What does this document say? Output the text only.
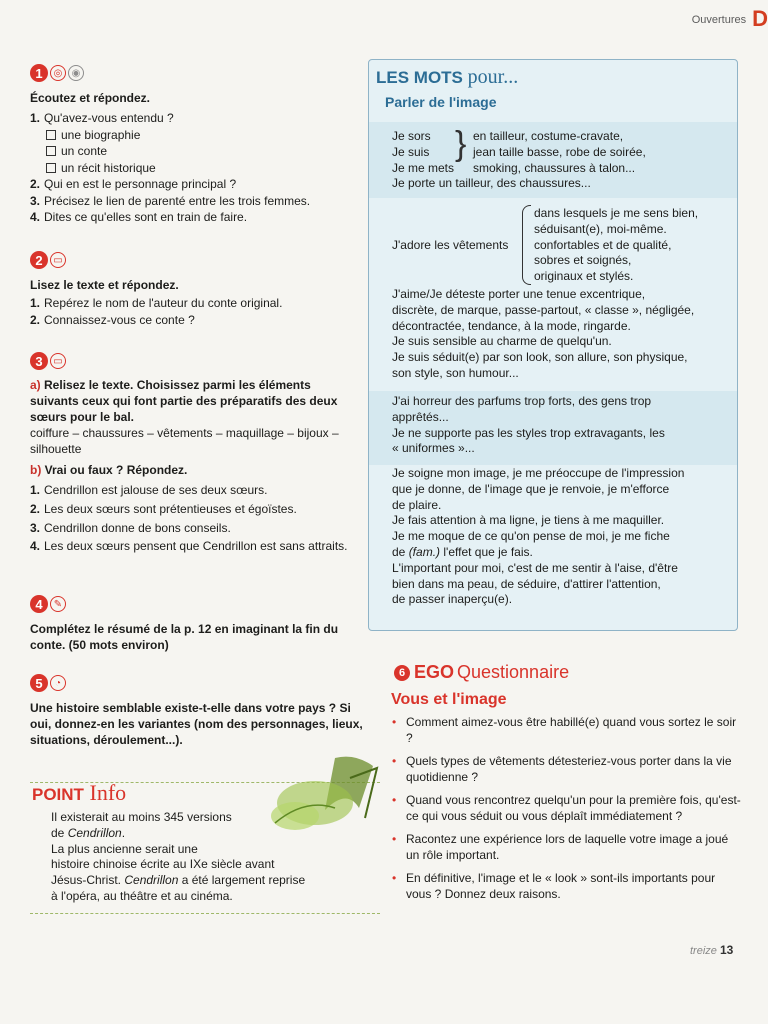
Ouvertures D
1	◎ ◉
Écoutez et répondez.
1. Qu'avez-vous entendu ?
une biographie
un conte
un récit historique
2. Qui en est le personnage principal ?
3. Précisez le lien de parenté entre les trois femmes.
4. Dites ce qu'elles sont en train de faire.
2	▭
Lisez le texte et répondez.
1. Repérez le nom de l'auteur du conte original.
2. Connaissez-vous ce conte ?
3	▭
a) Relisez le texte. Choisissez parmi les éléments suivants ceux qui font partie des préparatifs des deux sœurs pour le bal.
coiffure – chaussures – vêtements – maquillage – bijoux – silhouette
b) Vrai ou faux ? Répondez.
1. Cendrillon est jalouse de ses deux sœurs.
2. Les deux sœurs sont prétentieuses et égoïstes.
3. Cendrillon donne de bons conseils.
4. Les deux sœurs pensent que Cendrillon est sans attraits.
4	✎
Complétez le résumé de la p. 12 en imaginant la fin du conte. (50 mots environ)
5	◔
Une histoire semblable existe-t-elle dans votre pays ? Si oui, donnez-en les variantes (nom des personnages, lieux, situations, déroulement...).
POINT Info
Il existerait au moins 345 versions
de Cendrillon.
La plus ancienne serait une
histoire chinoise écrite au IXe siècle avant
Jésus-Christ. Cendrillon a été largement reprise
à l'opéra, au théâtre et au cinéma.
LES MOTS pour...
Parler de l'image
Je sors
Je suis
Je me mets
} en tailleur, costume-cravate,
jean taille basse, robe de soirée,
smoking, chaussures à talon...
Je porte un tailleur, des chaussures...
J'adore les vêtements
dans lesquels je me sens bien,
séduisant(e), moi-même.
confortables et de qualité,
sobres et soignés,
originaux et stylés.
J'aime/Je déteste porter une tenue excentrique,
discrète, de marque, passe-partout, « classe », négligée,
décontractée, tendance, à la mode, ringarde.
Je suis sensible au charme de quelqu'un.
Je suis séduit(e) par son look, son allure, son physique,
son style, son humour...
J'ai horreur des parfums trop forts, des gens trop
apprêtés...
Je ne supporte pas les styles trop extravagants, les
« uniformes »...
Je soigne mon image, je me préoccupe de l'impression
que je donne, de l'image que je renvoie, je m'efforce
de plaire.
Je fais attention à ma ligne, je tiens à me maquiller.
Je me moque de ce qu'on pense de moi, je me fiche
de (fam.) l'effet que je fais.
L'important pour moi, c'est de me sentir à l'aise, d'être
bien dans ma peau, de séduire, d'attirer l'attention,
de passer inaperçu(e).
6 EGO Questionnaire
Vous et l'image
• Comment aimez-vous être habillé(e) quand vous sortez le soir ?
• Quels types de vêtements détesteriez-vous porter dans la vie quotidienne ?
• Quand vous rencontrez quelqu'un pour la première fois, qu'est-ce qui vous séduit ou vous déplaît immédiatement ?
• Racontez une expérience lors de laquelle votre image a joué un rôle important.
• En définitive, l'image et le « look » sont-ils importants pour vous ? Donnez deux raisons.
treize 13
